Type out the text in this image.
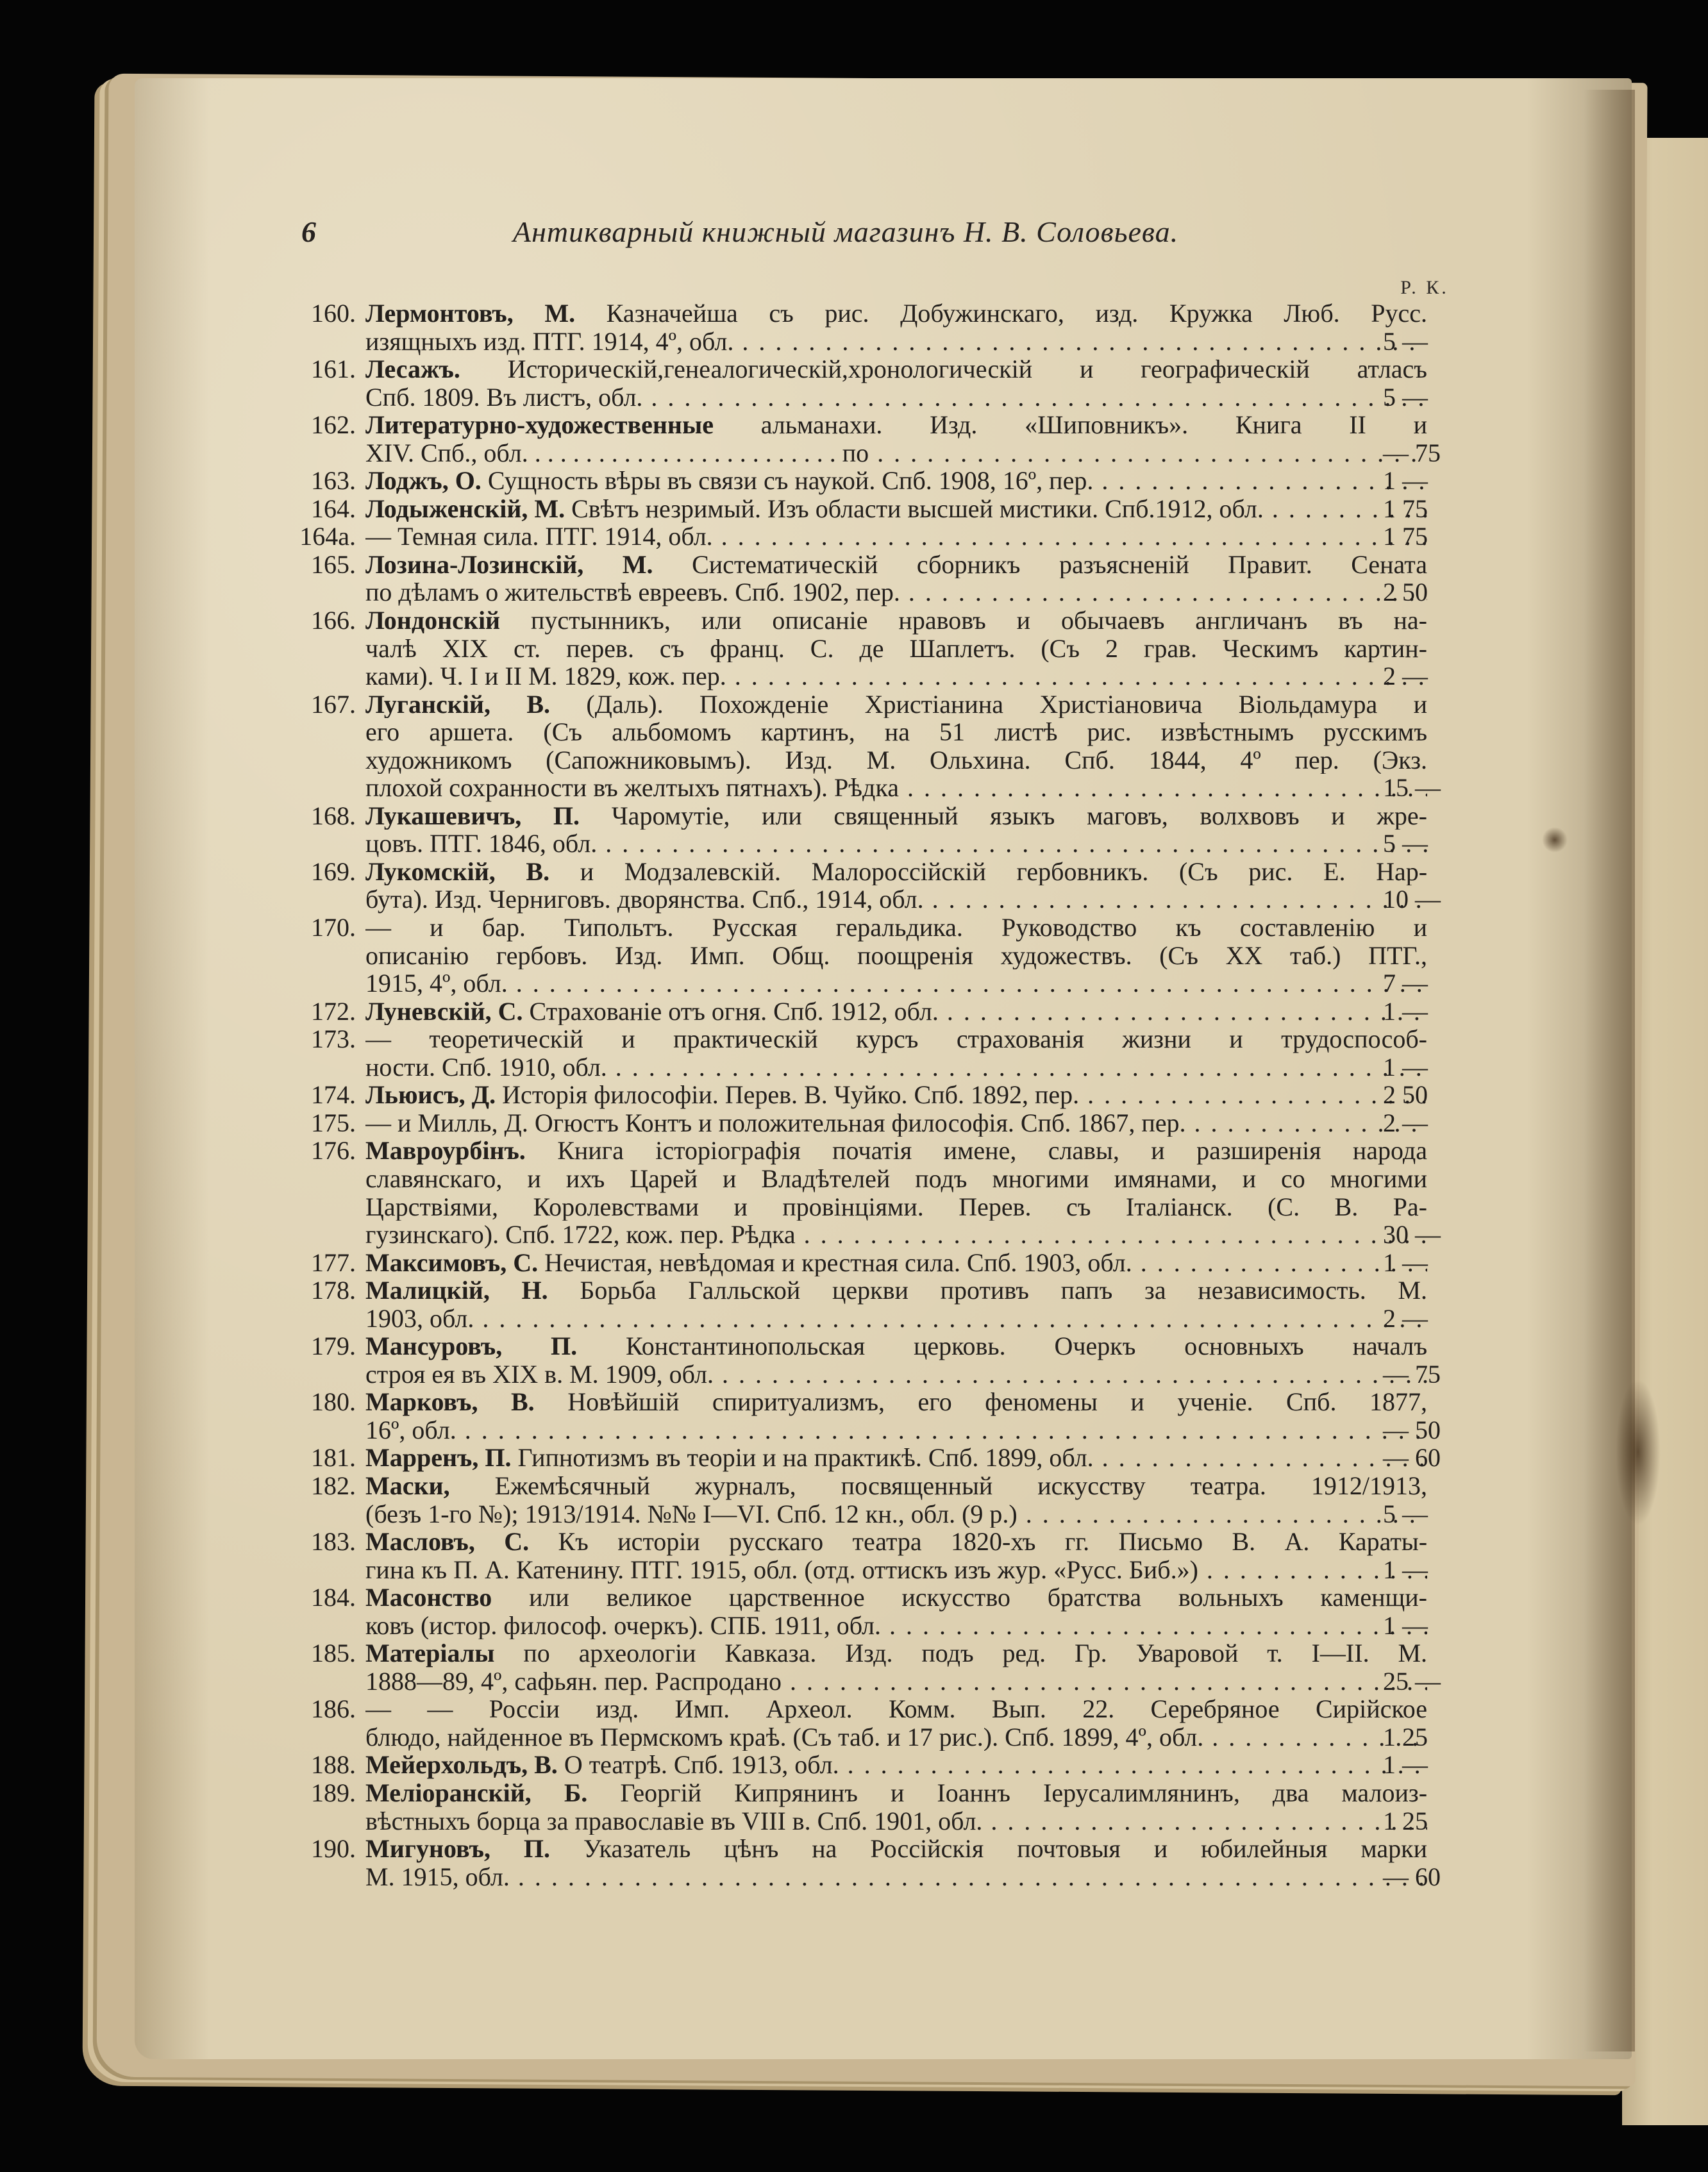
6	Антикварный книжный магазинъ Н. В. Соловьева.
Р. К.
160. Лермонтовъ, М. Казначейша съ рис. Добужинскаго, изд. Кружка Люб. Русс.
изящныхъ изд. ПТГ. 1914, 4º, обл. . . .	5 —
161. Лесажъ. Историческій,генеалогическій,хронологическій и географическій атласъ
Спб. 1809. Въ листъ, обл. . . .	5 —
162. Литературно-художественные альманахи. Изд. «Шиповникъ». Книга II и
XIV. Спб., обл. . . . . . . . . . . . . . . . . . . . . . . . . по . . .	— 75
163. Лоджъ, О. Сущность вѣры въ связи съ наукой. Спб. 1908, 16º, пер. . . .	1 —
164. Лодыженскій, М. Свѣтъ незримый. Изъ области высшей мистики. Спб.1912, обл. . . .	1 75
164а. — Темная сила. ПТГ. 1914, обл. . . .	1 75
165. Лозина-Лозинскій, М. Систематическій сборникъ разъясненій Правит. Сената
по дѣламъ о жительствѣ евреевъ. Спб. 1902, пер. . . .	2 50
166. Лондонскій пустынникъ, или описаніе нравовъ и обычаевъ англичанъ въ на-
чалѣ XIX ст. перев. съ франц. С. де Шаплетъ. (Съ 2 грав. Ческимъ картин-
ками). Ч. I и II М. 1829, кож. пер. . . .	2 —
167. Луганскій, В. (Даль). Похожденіе Христіанина Христіановича Віольдамура и
его аршета. (Съ альбомомъ картинъ, на 51 листѣ рис. извѣстнымъ русскимъ
художникомъ (Сапожниковымъ). Изд. М. Ольхина. Спб. 1844, 4º пер. (Экз.
плохой сохранности въ желтыхъ пятнахъ). Рѣдка . . .	15 —
168. Лукашевичъ, П. Чаромутіе, или священный языкъ маговъ, волхвовъ и жре-
цовъ. ПТГ. 1846, обл. . . .	5 —
169. Лукомскій, В. и Модзалевскій. Малороссійскій гербовникъ. (Съ рис. Е. Нар-
бута). Изд. Черниговъ. дворянства. Спб., 1914, обл. . . .	10 —
170. — и бар. Типольтъ. Русская геральдика. Руководство къ составленію и
описанію гербовъ. Изд. Имп. Общ. поощренія художествъ. (Съ XX таб.) ПТГ.,
1915, 4º, обл. . . .	7 —
172. Луневскій, С. Страхованіе отъ огня. Спб. 1912, обл. . . .	1 —
173. — теоретическій и практическій курсъ страхованія жизни и трудоспособ-
ности. Спб. 1910, обл. . . .	1 —
174. Льюисъ, Д. Исторія философіи. Перев. В. Чуйко. Спб. 1892, пер. . . .	2 50
175. — и Милль, Д. Огюстъ Контъ и положительная философія. Спб. 1867, пер. . . .	2 —
176. Мавроурбінъ. Книга історіографія початія имене, славы, и разширенія народа
славянскаго, и ихъ Царей и Владѣтелей подъ многими имянами, и со многими
Царствіями, Королевствами и провінціями. Перев. съ Італіанск. (С. В. Ра-
гузинскаго). Спб. 1722, кож. пер. Рѣдка . . .	30 —
177. Максимовъ, С. Нечистая, невѣдомая и крестная сила. Спб. 1903, обл. . . .	1 —
178. Малицкій, Н. Борьба Галльской церкви противъ папъ за независимость. М.
1903, обл. . . .	2 —
179. Мансуровъ, П. Константинопольская церковь. Очеркъ основныхъ началъ
строя ея въ XIX в. М. 1909, обл. . . .	— 75
180. Марковъ, В. Новѣйшій спиритуализмъ, его феномены и ученіе. Спб. 1877,
16º, обл. . . .	— 50
181. Марренъ, П. Гипнотизмъ въ теоріи и на практикѣ. Спб. 1899, обл. . . .	— 60
182. Маски, Ежемѣсячный журналъ, посвященный искусству театра. 1912/1913,
(безъ 1-го №); 1913/1914. №№ I—VI. Спб. 12 кн., обл. (9 р.) . . .	5 —
183. Масловъ, С. Къ исторіи русскаго театра 1820-хъ гг. Письмо В. А. Караты-
гина къ П. А. Катенину. ПТГ. 1915, обл. (отд. оттискъ изъ жур. «Русс. Биб.») . . .	1 —
184. Масонство или великое царственное искусство братства вольныхъ каменщи-
ковъ (истор. философ. очеркъ). СПБ. 1911, обл. . . .	1 —
185. Матеріалы по археологіи Кавказа. Изд. подъ ред. Гр. Уваровой т. I—II. М.
1888—89, 4º, сафьян. пер. Распродано . . .	25 —
186. — — Россіи изд. Имп. Археол. Комм. Вып. 22. Серебряное Сирійское
блюдо, найденное въ Пермскомъ краѣ. (Съ таб. и 17 рис.). Спб. 1899, 4º, обл. . . .	1 25
188. Мейерхольдъ, В. О театрѣ. Спб. 1913, обл. . . .	1 —
189. Меліоранскій, Б. Георгій Кипрянинъ и Іоаннъ Іерусалимлянинъ, два малоиз-
вѣстныхъ борца за православіе въ VIII в. Спб. 1901, обл. . . .	1 25
190. Мигуновъ, П. Указатель цѣнъ на Россійскія почтовыя и юбилейныя марки
М. 1915, обл. . . .	— 60
